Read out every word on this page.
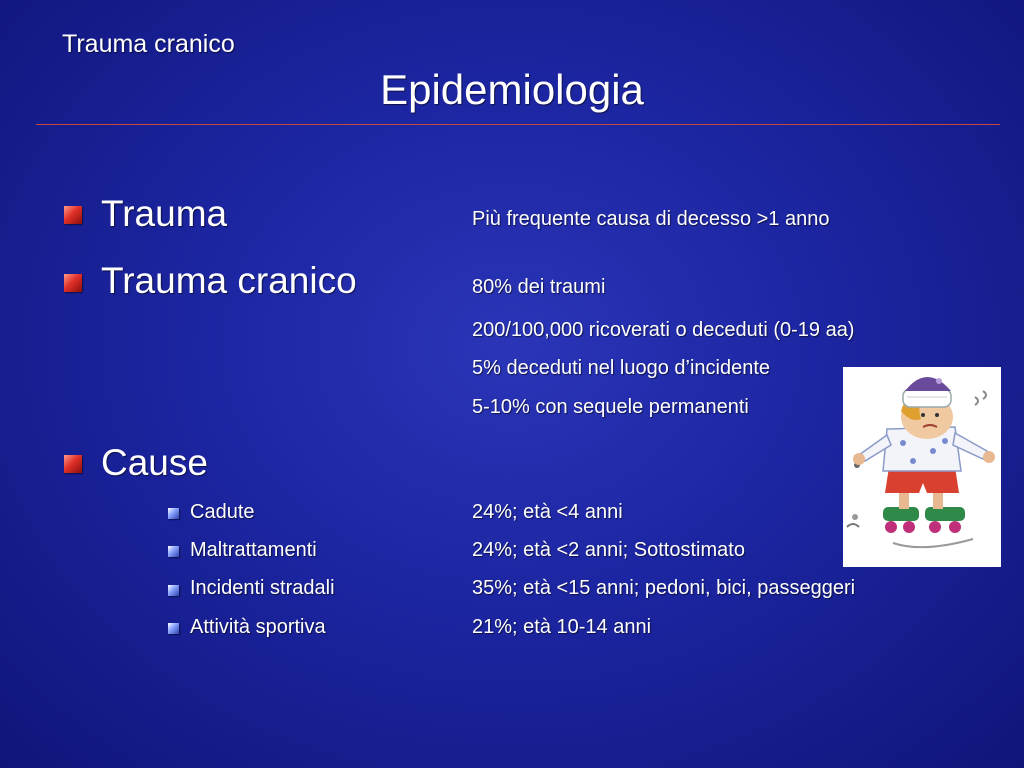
Trauma cranico
Epidemiologia
Trauma	Più frequente causa di decesso >1 anno
Trauma cranico	80% dei traumi
200/100,000 ricoverati o deceduti (0-19 aa)
5% deceduti nel luogo d’incidente
5-10% con sequele permanenti
Cause
Cadute	24%; età <4 anni
Maltrattamenti	24%; età <2 anni; Sottostimato
Incidenti stradali	35%; età <15 anni; pedoni, bici, passeggeri
Attività sportiva	21%; età 10-14 anni
